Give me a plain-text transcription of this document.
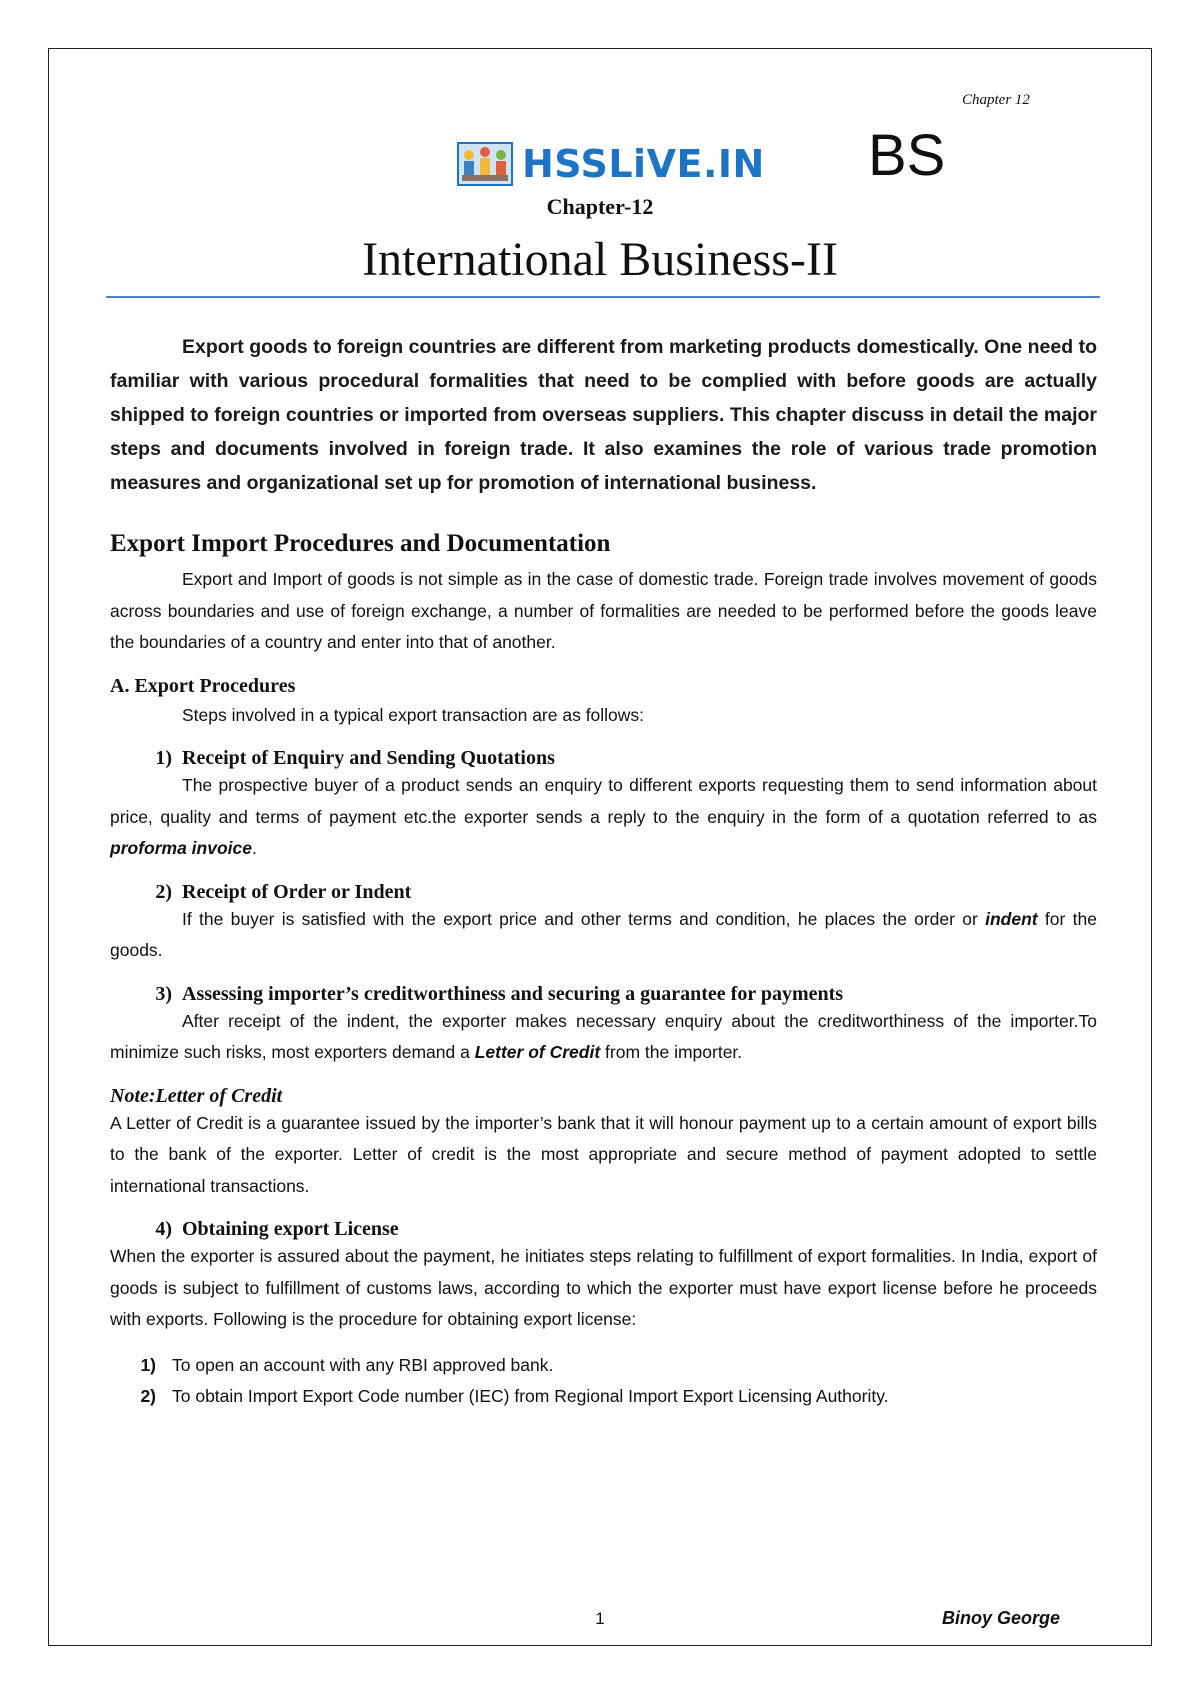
Chapter 12
HSSLiVE.IN BS
Chapter-12
International Business-II

Export goods to foreign countries are different from marketing products domestically. One need to familiar with various procedural formalities that need to be complied with before goods are actually shipped to foreign countries or imported from overseas suppliers. This chapter discuss in detail the major steps and documents involved in foreign trade. It also examines the role of various trade promotion measures and organizational set up for promotion of international business.

Export Import Procedures and Documentation

Export and Import of goods is not simple as in the case of domestic trade. Foreign trade involves movement of goods across boundaries and use of foreign exchange, a number of formalities are needed to be performed before the goods leave the boundaries of a country and enter into that of another.

A. Export Procedures

Steps involved in a typical export transaction are as follows:

1) Receipt of Enquiry and Sending Quotations

The prospective buyer of a product sends an enquiry to different exports requesting them to send information about price, quality and terms of payment etc.the exporter sends a reply to the enquiry in the form of a quotation referred to as proforma invoice.

2) Receipt of Order or Indent

If the buyer is satisfied with the export price and other terms and condition, he places the order or indent for the goods.

3) Assessing importer’s creditworthiness and securing a guarantee for payments

After receipt of the indent, the exporter makes necessary enquiry about the creditworthiness of the importer.To minimize such risks, most exporters demand a Letter of Credit from the importer.

Note:Letter of Credit

A Letter of Credit is a guarantee issued by the importer’s bank that it will honour payment up to a certain amount of export bills to the bank of the exporter. Letter of credit is the most appropriate and secure method of payment adopted to settle international transactions.

4) Obtaining export License

When the exporter is assured about the payment, he initiates steps relating to fulfillment of export formalities. In India, export of goods is subject to fulfillment of customs laws, according to which the exporter must have export license before he proceeds with exports. Following is the procedure for obtaining export license:

1) To open an account with any RBI approved bank.
2) To obtain Import Export Code number (IEC) from Regional Import Export Licensing Authority.
1	Binoy George
